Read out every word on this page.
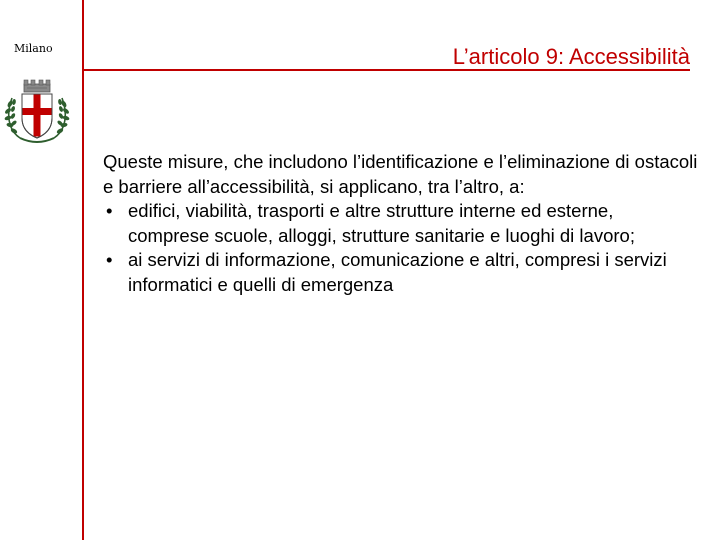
Milano	L’articolo 9: Accessibilità

Queste misure, che includono l’identificazione e l’eliminazione di ostacoli e barriere all’accessibilità, si applicano, tra l’altro, a:

• edifici, viabilità, trasporti e altre strutture interne ed esterne, comprese scuole, alloggi, strutture sanitarie e luoghi di lavoro;
• ai servizi di informazione, comunicazione e altri, compresi i servizi informatici e quelli di emergenza
